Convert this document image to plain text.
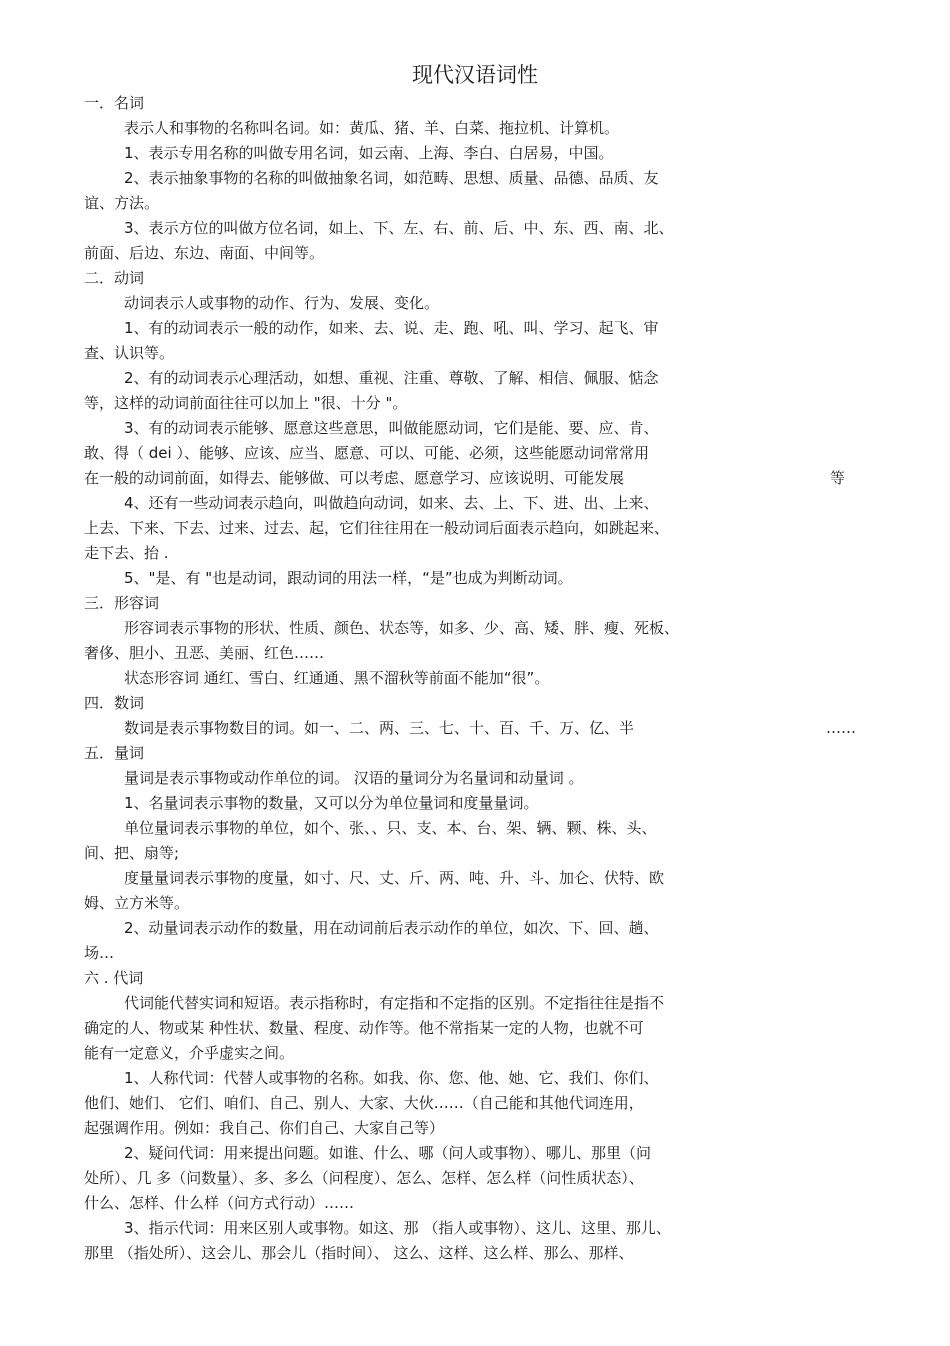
现代汉语词性
一．名词
表示人和事物的名称叫名词。如：黄瓜、猪、羊、白菜、拖拉机、计算机。
1、表示专用名称的叫做专用名词，如云南、上海、李白、白居易，中国。
2、表示抽象事物的名称的叫做抽象名词，如范畴、思想、质量、品德、品质、友
谊、方法。
3、表示方位的叫做方位名词，如上、下、左、右、前、后、中、东、西、南、北、
前面、后边、东边、南面、中间等。
二．动词
动词表示人或事物的动作、行为、发展、变化。
1、有的动词表示一般的动作，如来、去、说、走、跑、吼、叫、学习、起飞、审
查、认识等。
2、有的动词表示心理活动，如想、重视、注重、尊敬、了解、相信、佩服、惦念
等，这样的动词前面往往可以加上 "很、十分 "。
3、有的动词表示能够、愿意这些意思，叫做能愿动词，它们是能、要、应、肯、
敢、得（ dei ）、能够、应该、应当、愿意、可以、可能、必须，这些能愿动词常常用
在一般的动词前面，如得去、能够做、可以考虑、愿意学习、应该说明、可能发展
4、还有一些动词表示趋向，叫做趋向动词，如来、去、上、下、进、出、上来、
上去、下来、下去、过来、过去、起，它们往往用在一般动词后面表示趋向，如跳起来、
走下去、抬 .
5、"是、有 "也是动词，跟动词的用法一样，“是”也成为判断动词。
三．形容词
形容词表示事物的形状、性质、颜色、状态等，如多、少、高、矮、胖、瘦、死板、
奢侈、胆小、丑恶、美丽、红色……
状态形容词 通红、雪白、红通通、黑不溜秋等前面不能加“很”。
四．数词
数词是表示事物数目的词。如一、二、两、三、七、十、百、千、万、亿、半
五．量词
量词是表示事物或动作单位的词。 汉语的量词分为名量词和动量词 。
1、名量词表示事物的数量，又可以分为单位量词和度量量词。
单位量词表示事物的单位，如个、张、、只、支、本、台、架、辆、颗、株、头、
间、把、扇等;
度量量词表示事物的度量，如寸、尺、丈、斤、两、吨、升、斗、加仑、伏特、欧
姆、立方米等。
2、动量词表示动作的数量，用在动词前后表示动作的单位，如次、下、回、趟、
场…
六 . 代词
代词能代替实词和短语。表示指称时，有定指和不定指的区别。不定指往往是指不
确定的人、物或某 种性状、数量、程度、动作等。他不常指某一定的人物，也就不可
能有一定意义，介乎虚实之间。
1、人称代词：代替人或事物的名称。如我、你、您、他、她、它、我们、你们、
他们、她们、 它们、咱们、自己、别人、大家、大伙……（自己能和其他代词连用，
起强调作用。例如：我自己、你们自己、大家自己等）
2、疑问代词：用来提出问题。如谁、什么、哪（问人或事物）、哪儿、那里（问
处所）、几 多（问数量）、多、多么（问程度）、怎么、怎样、怎么样（问性质状态）、
什么、怎样、什么样（问方式行动）……
3、指示代词：用来区别人或事物。如这、那 （指人或事物）、这儿、这里、那儿、
那里 （指处所）、这会儿、那会儿（指时间）、 这么、这样、这么样、那么、那样、
等
……
